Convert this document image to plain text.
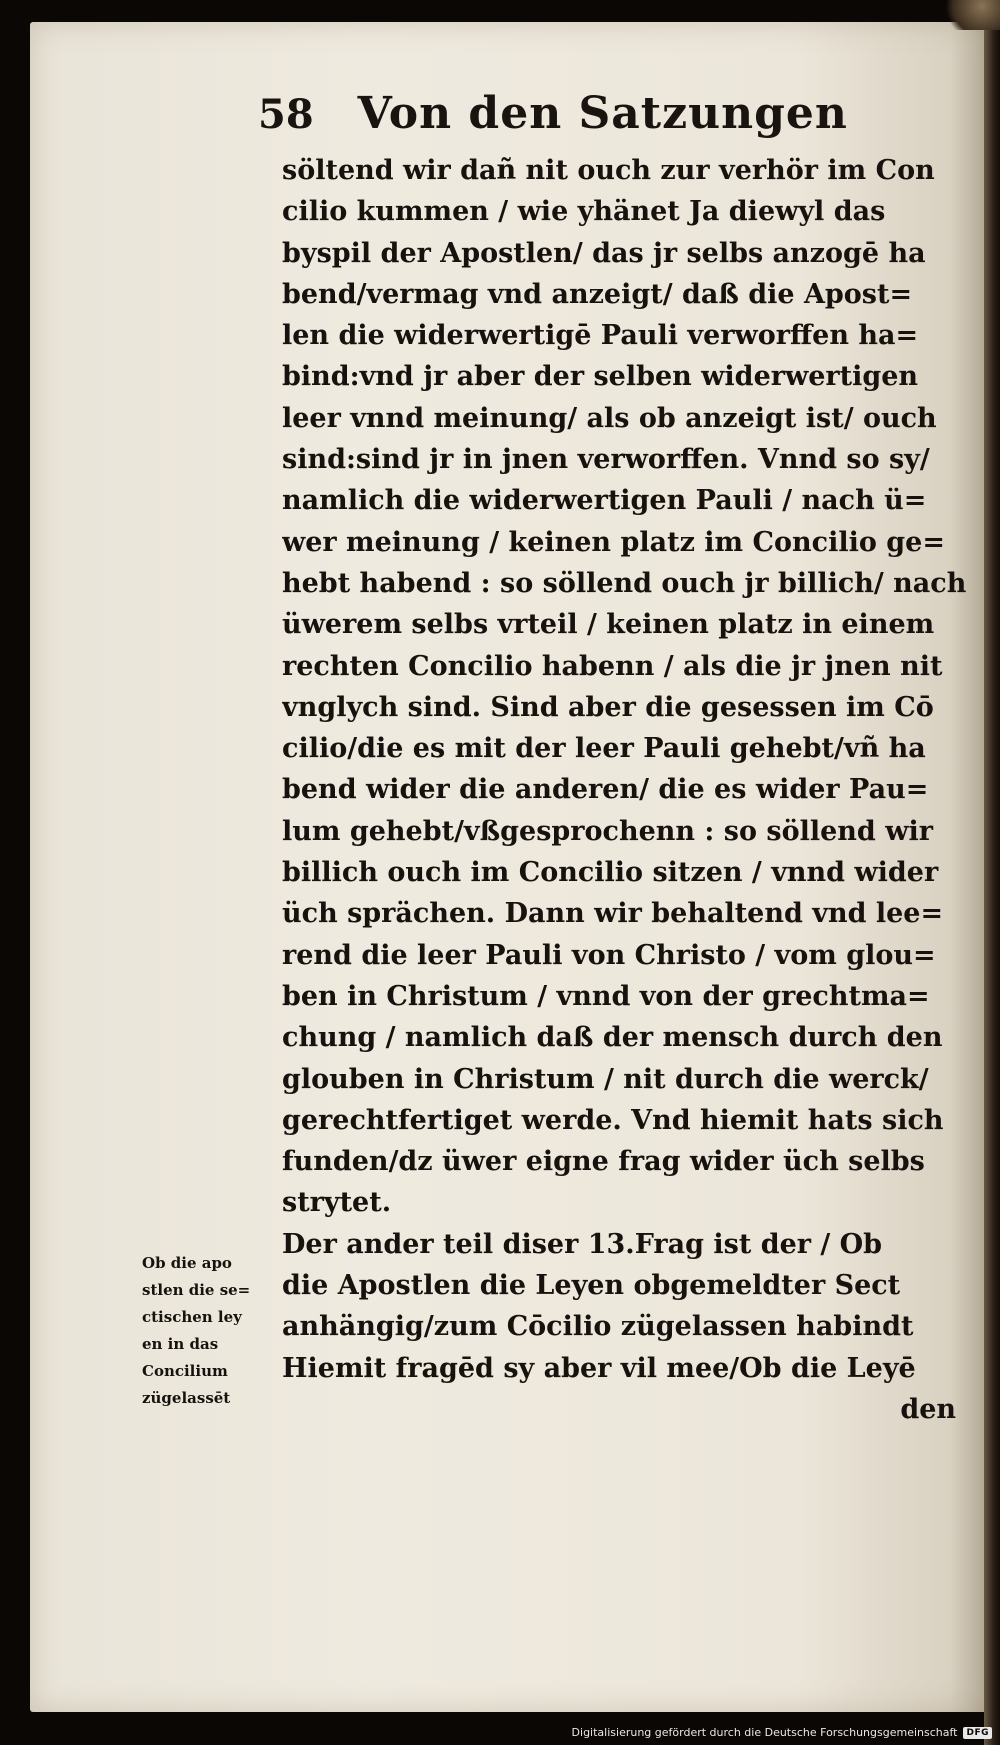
58 Von den Satzungen
söltend wir dañ nit ouch zur verhör im Con
cilio kummen / wie yhänet Ja diewyl das
byspil der Apostlen/ das jr selbs anzogē ha
bend/vermag vnd anzeigt/ daß die Apost=
len die widerwertigē Pauli verworffen ha=
bind:vnd jr aber der selben widerwertigen
leer vnnd meinung/ als ob anzeigt ist/ ouch
sind:sind jr in jnen verworffen. Vnnd so sy/
namlich die widerwertigen Pauli / nach ü=
wer meinung / keinen platz im Concilio ge=
hebt habend : so söllend ouch jr billich/ nach
üwerem selbs vrteil / keinen platz in einem
rechten Concilio habenn / als die jr jnen nit
vnglych sind. Sind aber die gesessen im Cō
cilio/die es mit der leer Pauli gehebt/vñ ha
bend wider die anderen/ die es wider Pau=
lum gehebt/vßgesprochenn : so söllend wir
billich ouch im Concilio sitzen / vnnd wider
üch sprächen. Dann wir behaltend vnd lee=
rend die leer Pauli von Christo / vom glou=
ben in Christum / vnnd von der grechtma=
chung / namlich daß der mensch durch den
glouben in Christum / nit durch die werck/
gerechtfertiget werde. Vnd hiemit hats sich
funden/dz üwer eigne frag wider üch selbs
strytet.
Der ander teil diser 13.Frag ist der / Ob
die Apostlen die Leyen obgemeldter Sect
anhängig/zum Cōcilio zügelassen habindt
Hiemit fragēd sy aber vil mee/Ob die Leyē
den
Ob die apo
stlen die se=
ctischen ley
en in das
Concilium
zügelassēt
Digitalisierung gefördert durch die Deutsche Forschungsgemeinschaft	DFG
